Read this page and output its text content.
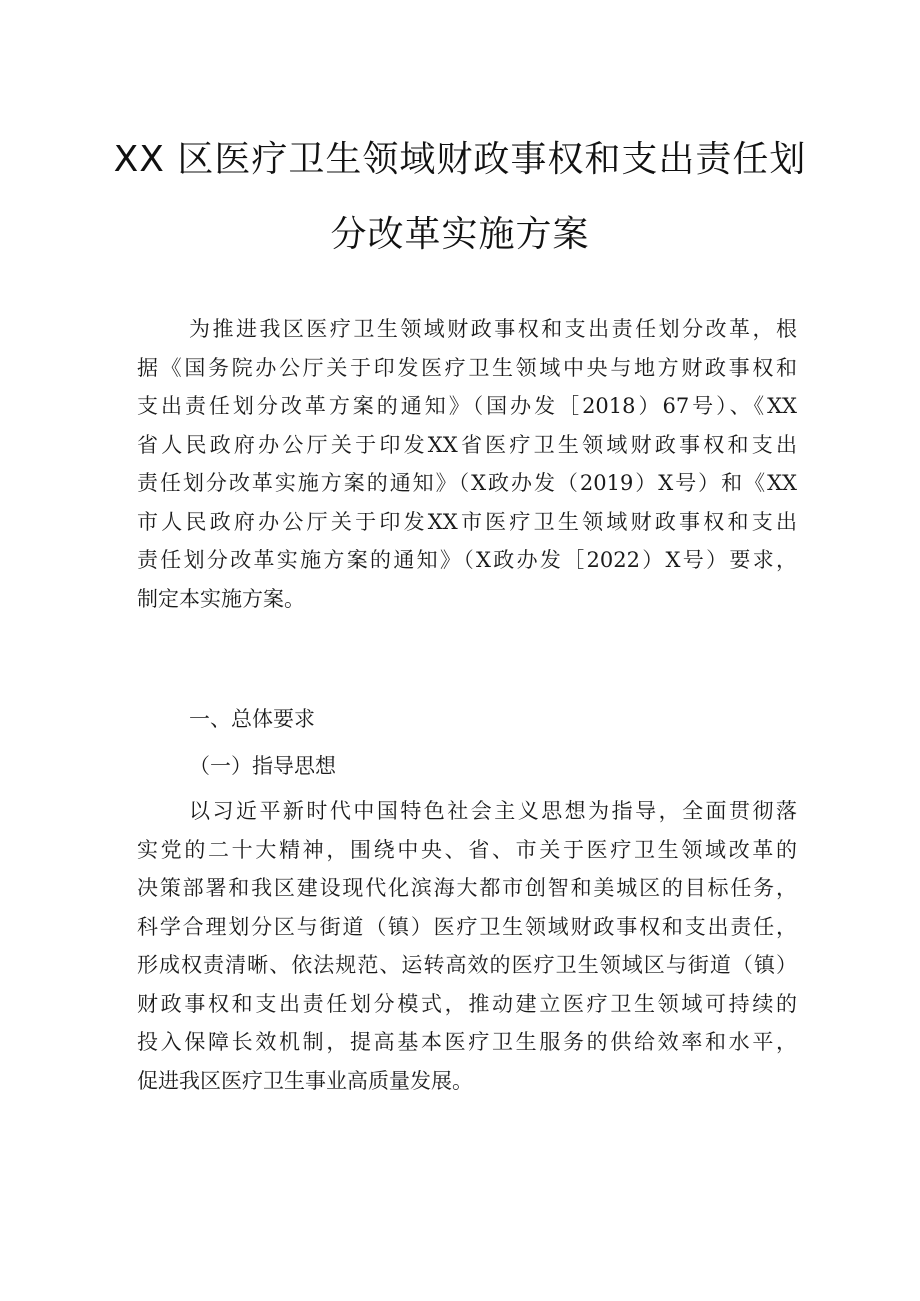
XX 区医疗卫生领域财政事权和支出责任划
分改革实施方案
为推进我区医疗卫生领域财政事权和支出责任划分改革，根
据《国务院办公厅关于印发医疗卫生领域中央与地方财政事权和
支出责任划分改革方案的通知》（国办发［2018）67号）、《XX
省人民政府办公厅关于印发XX省医疗卫生领域财政事权和支出
责任划分改革实施方案的通知》（X政办发（2019）X号）和《XX
市人民政府办公厅关于印发XX市医疗卫生领域财政事权和支出
责任划分改革实施方案的通知》（X政办发［2022）X号）要求，
制定本实施方案。
一、总体要求
（一）指导思想
以习近平新时代中国特色社会主义思想为指导，全面贯彻落
实党的二十大精神，围绕中央、省、市关于医疗卫生领域改革的
决策部署和我区建设现代化滨海大都市创智和美城区的目标任务，
科学合理划分区与街道（镇）医疗卫生领域财政事权和支出责任，
形成权责清晰、依法规范、运转高效的医疗卫生领域区与街道（镇）
财政事权和支出责任划分模式，推动建立医疗卫生领域可持续的
投入保障长效机制，提高基本医疗卫生服务的供给效率和水平，
促进我区医疗卫生事业高质量发展。
